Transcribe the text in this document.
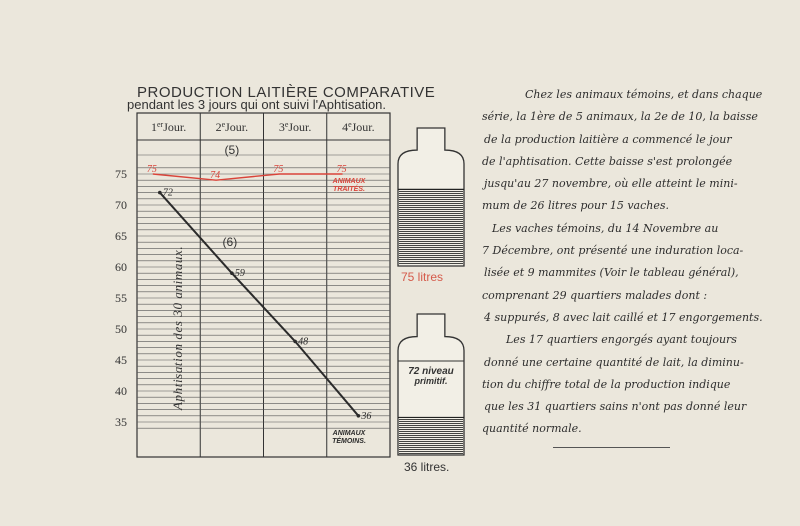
PRODUCTION LAITIÈRE COMPARATIVE
pendant les 3 jours qui ont suivi l'Aphtisation.
1erJour. 2eJour.	3eJour.	4eJour.
75
70
65
60
55
50
45
40
35
(5)
(6)
Aphtisation des 30 animaux.
75
74
75	75
ANIMAUX
TRAITÉS.
72
59
48
36
ANIMAUX
TÉMOINS.
72 niveau
primitif.
75 litres
36 litres.
Chez les animaux témoins, et dans chaque
série, la 1ère de 5 animaux, la 2e de 10, la baisse
de la production laitière a commencé le jour
de l'aphtisation. Cette baisse s'est prolongée
jusqu'au 27 novembre, où elle atteint le mini-
mum de 26 litres pour 15 vaches.
Les vaches témoins, du 14 Novembre au
7 Décembre, ont présenté une induration loca-
lisée et 9 mammites (Voir le tableau général),
comprenant 29 quartiers malades dont :
4 suppurés, 8 avec lait caillé et 17 engorgements.
Les 17 quartiers engorgés ayant toujours
donné une certaine quantité de lait, la diminu-
tion du chiffre total de la production indique
que les 31 quartiers sains n'ont pas donné leur
quantité normale.
